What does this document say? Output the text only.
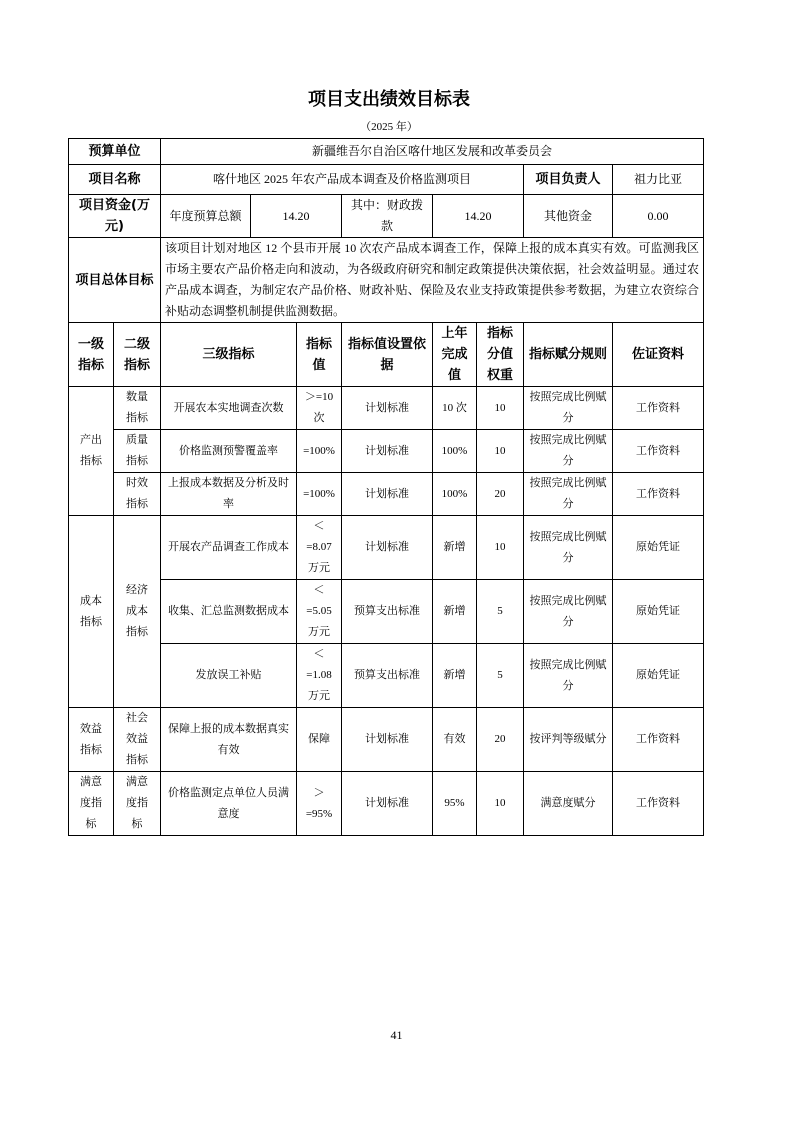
项目支出绩效目标表
（2025 年）
预算单位		新疆维吾尔自治区喀什地区发展和改革委员会							
项目名称		喀什地区 2025 年农产品成本调查及价格监测项目						项目负责人	祖力比亚
项目资金(万元)		年度预算总额	14.20		其中：财政拨款	14.20		其他资金	0.00
项目总体目标		该项目计划对地区 12 个县市开展 10 次农产品成本调查工作，保障上报的成本真实有效。可监测我区市场主要农产品价格走向和波动，为各级政府研究和制定政策提供决策依据，社会效益明显。通过农产品成本调查，为制定农产品价格、财政补贴、保险及农业支持政策提供参考数据，为建立农资综合补贴动态调整机制提供监测数据。							
一级指标	二级指标	三级指标		指标值	指标值设置依据	上年完成值	指标分值权重	指标赋分规则	佐证资料
产出指标	数量指标	开展农本实地调查次数		＞=10次	计划标准	10 次	10	按照完成比例赋分	工作资料
	质量指标	价格监测预警覆盖率		=100%	计划标准	100%	10	按照完成比例赋分	工作资料
	时效指标	上报成本数据及分析及时率		=100%	计划标准	100%	20	按照完成比例赋分	工作资料
成本指标	经济成本指标	开展农产品调查工作成本		＜=8.07万元	计划标准	新增	10	按照完成比例赋分	原始凭证
		收集、汇总监测数据成本		＜=5.05万元	预算支出标准	新增	5	按照完成比例赋分	原始凭证
		发放误工补贴		＜=1.08万元	预算支出标准	新增	5	按照完成比例赋分	原始凭证
效益指标	社会效益指标	保障上报的成本数据真实有效		保障	计划标准	有效	20	按评判等级赋分	工作资料
满意度指标	满意度指标	价格监测定点单位人员满意度		＞=95%	计划标准	95%	10	满意度赋分	工作资料
41
